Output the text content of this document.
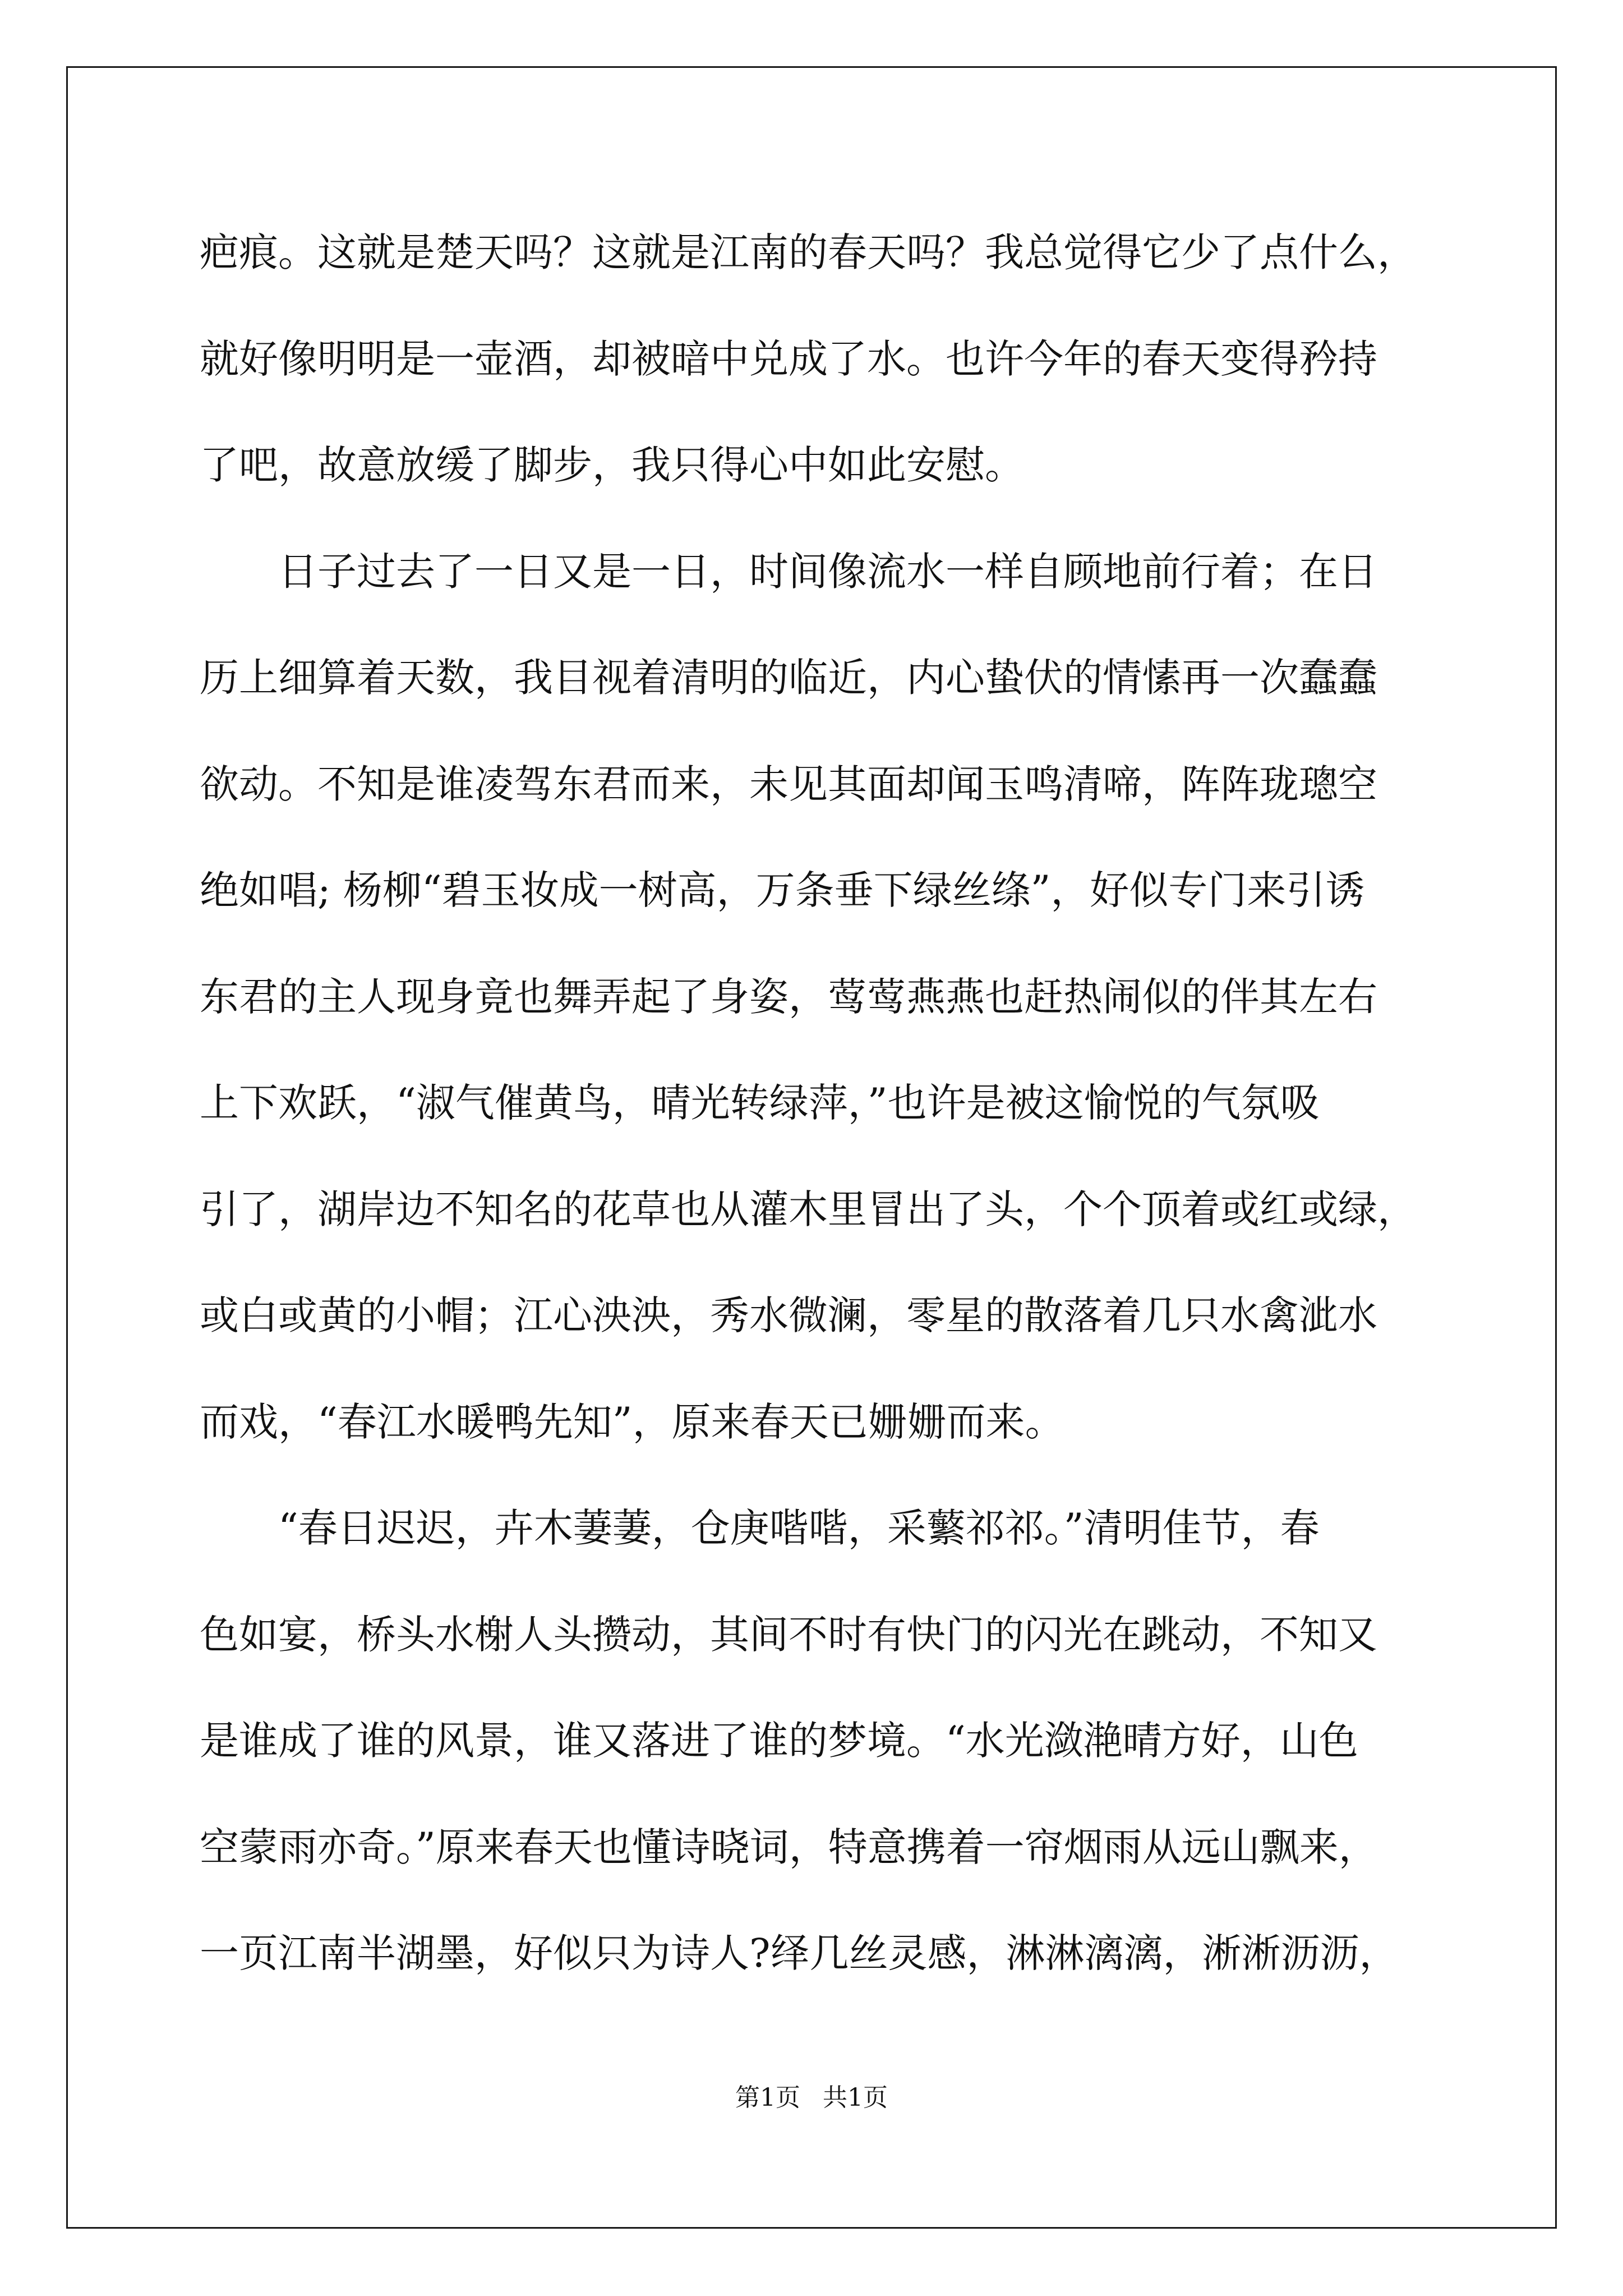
疤痕。这就是楚天吗？这就是江南的春天吗？我总觉得它少了点什么，
就好像明明是一壶酒，却被暗中兑成了水。也许今年的春天变得矜持
了吧，故意放缓了脚步，我只得心中如此安慰。
日子过去了一日又是一日，时间像流水一样自顾地前行着；在日
历上细算着天数，我目视着清明的临近，内心蛰伏的情愫再一次蠢蠢
欲动。不知是谁凌驾东君而来，未见其面却闻玉鸣清啼，阵阵珑璁空
绝如唱; 杨柳“碧玉妆成一树高，万条垂下绿丝绦”，好似专门来引诱
东君的主人现身竟也舞弄起了身姿，莺莺燕燕也赶热闹似的伴其左右
上下欢跃，“淑气催黄鸟，晴光转绿萍，”也许是被这愉悦的气氛吸
引了，湖岸边不知名的花草也从灌木里冒出了头，个个顶着或红或绿，
或白或黄的小帽；江心泱泱，秀水微澜，零星的散落着几只水禽泚水
而戏，“春江水暖鸭先知”，原来春天已姗姗而来。
“春日迟迟，卉木萋萋，仓庚喈喈，采蘩祁祁。”清明佳节，春
色如宴，桥头水榭人头攒动，其间不时有快门的闪光在跳动，不知又
是谁成了谁的风景，谁又落进了谁的梦境。“水光潋滟晴方好，山色
空蒙雨亦奇。”原来春天也懂诗晓词，特意携着一帘烟雨从远山飘来，
一页江南半湖墨，好似只为诗人?绎几丝灵感，淋淋漓漓，淅淅沥沥，
第1页 共1页
